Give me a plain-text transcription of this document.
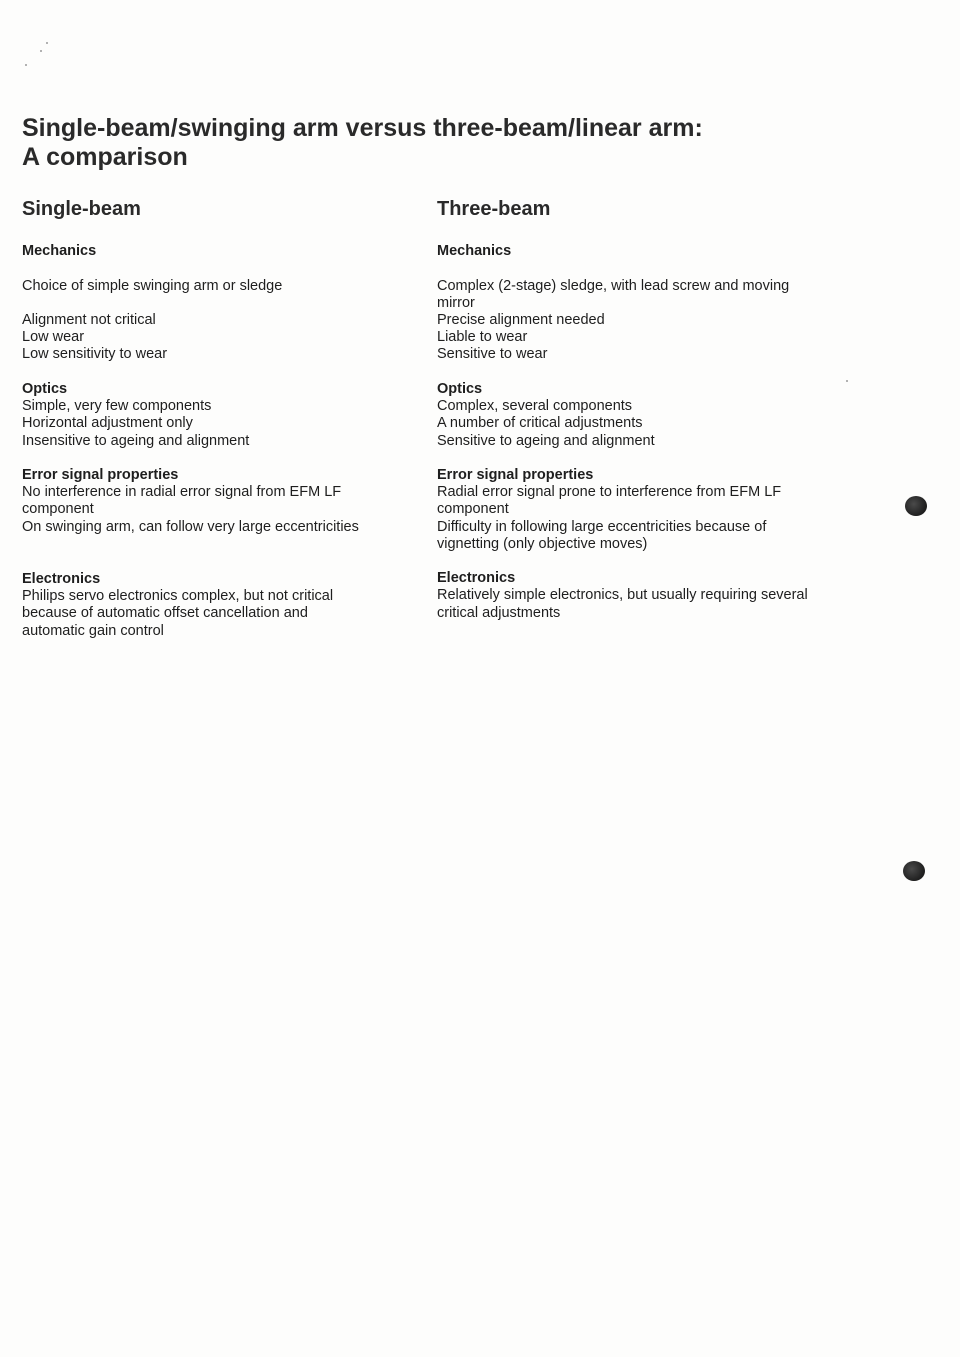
Single-beam/swinging arm versus three-beam/linear arm:
A comparison
Single-beam
Mechanics
Choice of simple swinging arm or sledge
Alignment not critical
Low wear
Low sensitivity to wear
Optics
Simple, very few components
Horizontal adjustment only
Insensitive to ageing and alignment
Error signal properties
No interference in radial error signal from EFM LF
component
On swinging arm, can follow very large eccentricities
Electronics
Philips servo electronics complex, but not critical
because of automatic offset cancellation and
automatic gain control
Three-beam
Mechanics
Complex (2-stage) sledge, with lead screw and moving
mirror
Precise alignment needed
Liable to wear
Sensitive to wear
Optics
Complex, several components
A number of critical adjustments
Sensitive to ageing and alignment
Error signal properties
Radial error signal prone to interference from EFM LF
component
Difficulty in following large eccentricities because of
vignetting (only objective moves)
Electronics
Relatively simple electronics, but usually requiring several
critical adjustments
